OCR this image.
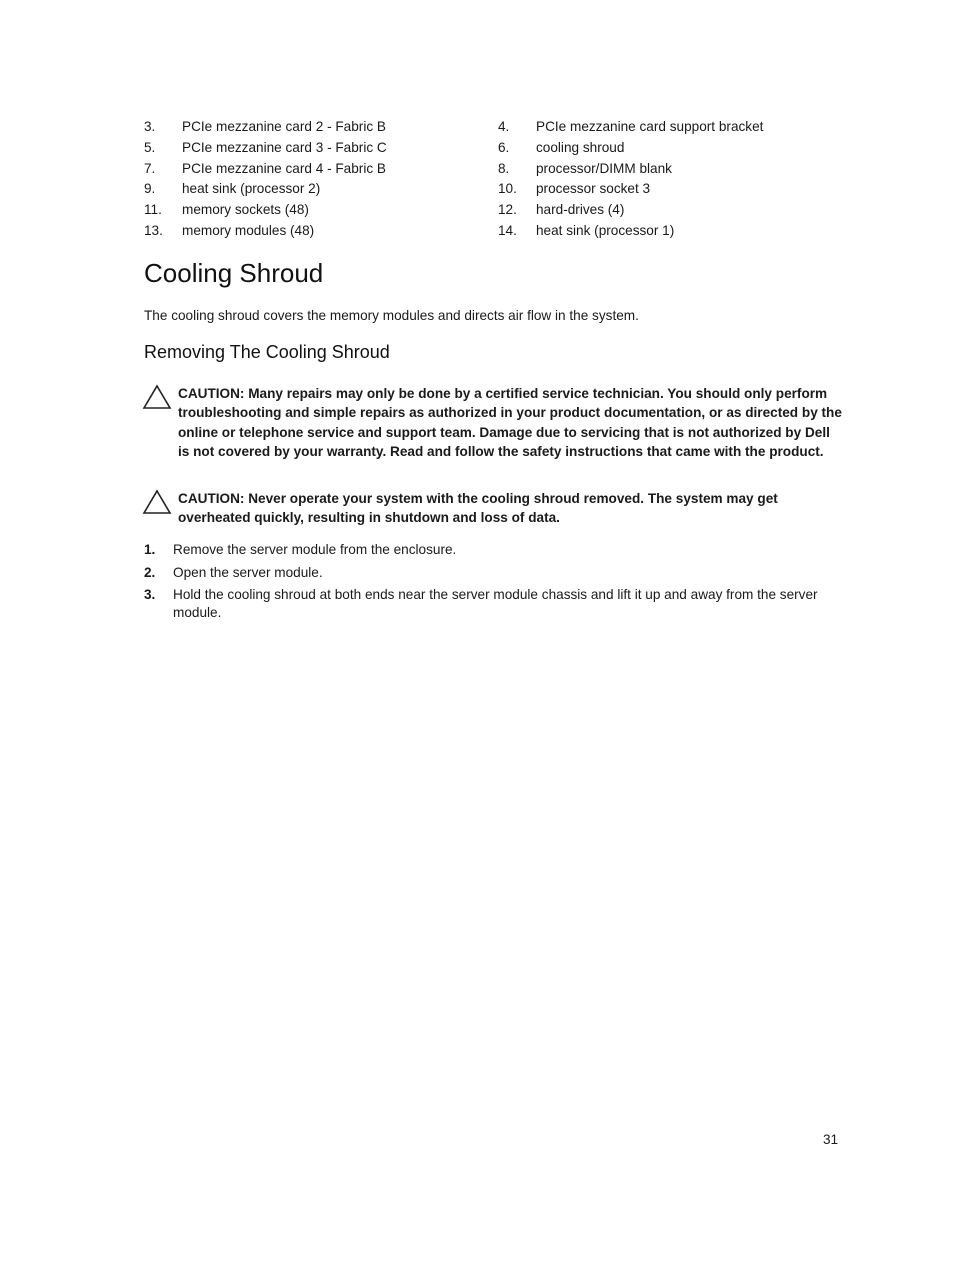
3.	PCIe mezzanine card 2 - Fabric B	4.	PCIe mezzanine card support bracket
5.	PCIe mezzanine card 3 - Fabric C	6.	cooling shroud
7.	PCIe mezzanine card 4 - Fabric B	8.	processor/DIMM blank
9.	heat sink (processor 2)	10.	processor socket 3
11.	memory sockets (48)	12.	hard-drives (4)
13.	memory modules (48)	14.	heat sink (processor 1)
Cooling Shroud

The cooling shroud covers the memory modules and directs air flow in the system.

Removing The Cooling Shroud
CAUTION: Many repairs may only be done by a certified service technician. You should only perform troubleshooting and simple repairs as authorized in your product documentation, or as directed by the online or telephone service and support team. Damage due to servicing that is not authorized by Dell is not covered by your warranty. Read and follow the safety instructions that came with the product.
CAUTION: Never operate your system with the cooling shroud removed. The system may get overheated quickly, resulting in shutdown and loss of data.
1.	Remove the server module from the enclosure.
2.	Open the server module.
3.	Hold the cooling shroud at both ends near the server module chassis and lift it up and away from the server module.
31
